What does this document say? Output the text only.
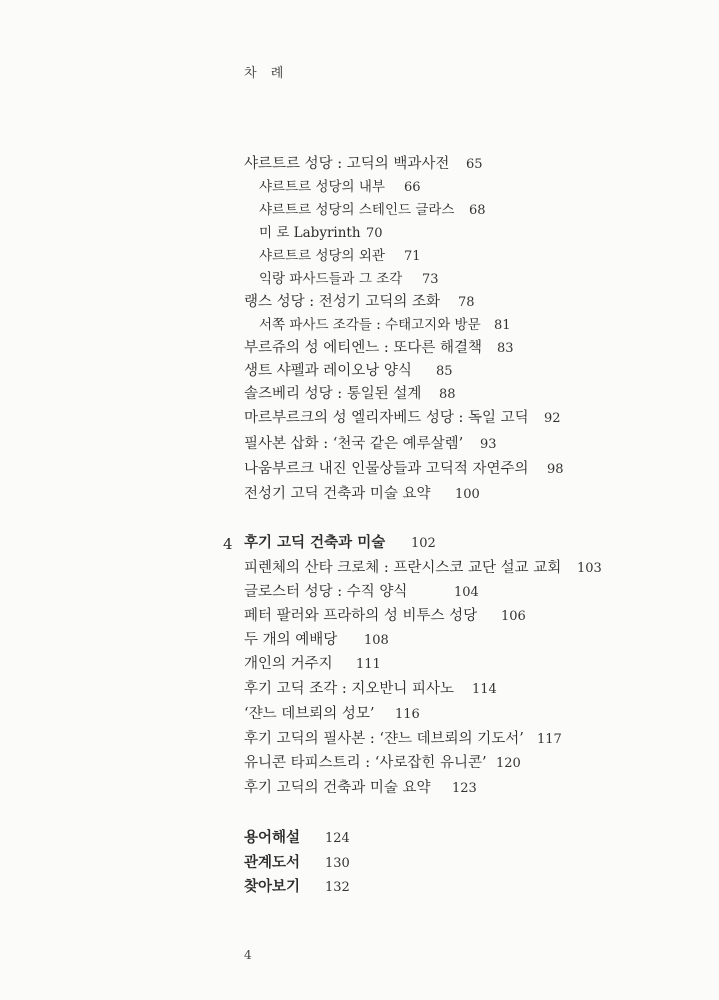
차 례
샤르트르 성당 : 고딕의 백과사전 65
샤르트르 성당의 내부 66
샤르트르 성당의 스테인드 글라스 68
미 로 Labyrinth 70
샤르트르 성당의 외관 71
익랑 파사드들과 그 조각 73
랭스 성당 : 전성기 고딕의 조화 78
서쪽 파사드 조각들 : 수태고지와 방문 81
부르쥬의 성 에티엔느 : 또다른 해결책 83
생트 샤펠과 레이오낭 양식 85
솔즈베리 성당 : 통일된 설계 88
마르부르크의 성 엘리자베드 성당 : 독일 고딕 92
필사본 삽화 : ‘천국 같은 예루살렘’ 93
나움부르크 내진 인물상들과 고딕적 자연주의 98
전성기 고딕 건축과 미술 요약 100
4 후기 고딕 건축과 미술 102
피렌체의 산타 크로체 : 프란시스코 교단 설교 교회 103
글로스터 성당 : 수직 양식	104
페터 팔러와 프라하의 성 비투스 성당 106
두 개의 예배당 108
개인의 거주지 111
후기 고딕 조각 : 지오반니 피사노 114
‘쟌느 데브뢰의 성모’ 116
후기 고딕의 필사본 : ‘쟌느 데브뢰의 기도서’ 117
유니콘 타피스트리 : ‘사로잡힌 유니콘’ 120
후기 고딕의 건축과 미술 요약 123
용어해설 124
관계도서 130
찾아보기 132
4
